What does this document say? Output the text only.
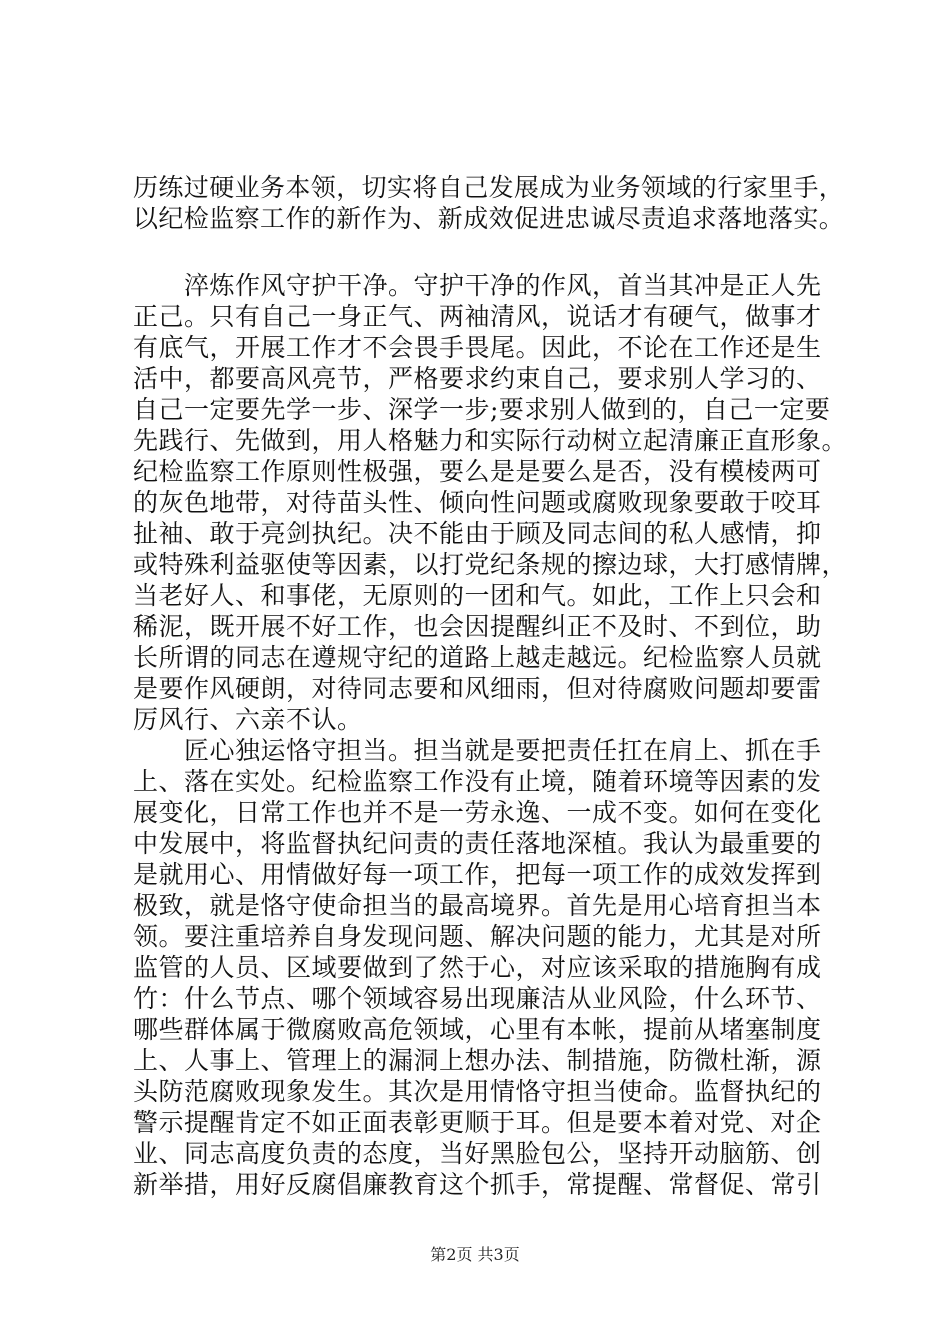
历练过硬业务本领，切实将自己发展成为业务领域的行家里手，
以纪检监察工作的新作为、新成效促进忠诚尽责追求落地落实。
　　淬炼作风守护干净。守护干净的作风，首当其冲是正人先
正己。只有自己一身正气、两袖清风，说话才有硬气，做事才
有底气，开展工作才不会畏手畏尾。因此，不论在工作还是生
活中，都要高风亮节，严格要求约束自己，要求别人学习的、
自己一定要先学一步、深学一步;要求别人做到的，自己一定要
先践行、先做到，用人格魅力和实际行动树立起清廉正直形象。
纪检监察工作原则性极强，要么是是要么是否，没有模棱两可
的灰色地带，对待苗头性、倾向性问题或腐败现象要敢于咬耳
扯袖、敢于亮剑执纪。决不能由于顾及同志间的私人感情，抑
或特殊利益驱使等因素，以打党纪条规的擦边球，大打感情牌，
当老好人、和事佬，无原则的一团和气。如此，工作上只会和
稀泥，既开展不好工作，也会因提醒纠正不及时、不到位，助
长所谓的同志在遵规守纪的道路上越走越远。纪检监察人员就
是要作风硬朗，对待同志要和风细雨，但对待腐败问题却要雷
厉风行、六亲不认。
　　匠心独运恪守担当。担当就是要把责任扛在肩上、抓在手
上、落在实处。纪检监察工作没有止境，随着环境等因素的发
展变化，日常工作也并不是一劳永逸、一成不变。如何在变化
中发展中，将监督执纪问责的责任落地深植。我认为最重要的
是就用心、用情做好每一项工作，把每一项工作的成效发挥到
极致，就是恪守使命担当的最高境界。首先是用心培育担当本
领。要注重培养自身发现问题、解决问题的能力，尤其是对所
监管的人员、区域要做到了然于心，对应该采取的措施胸有成
竹：什么节点、哪个领域容易出现廉洁从业风险，什么环节、
哪些群体属于微腐败高危领域，心里有本帐，提前从堵塞制度
上、人事上、管理上的漏洞上想办法、制措施，防微杜渐，源
头防范腐败现象发生。其次是用情恪守担当使命。监督执纪的
警示提醒肯定不如正面表彰更顺于耳。但是要本着对党、对企
业、同志高度负责的态度，当好黑脸包公，坚持开动脑筋、创
新举措，用好反腐倡廉教育这个抓手，常提醒、常督促、常引
第2页 共3页
